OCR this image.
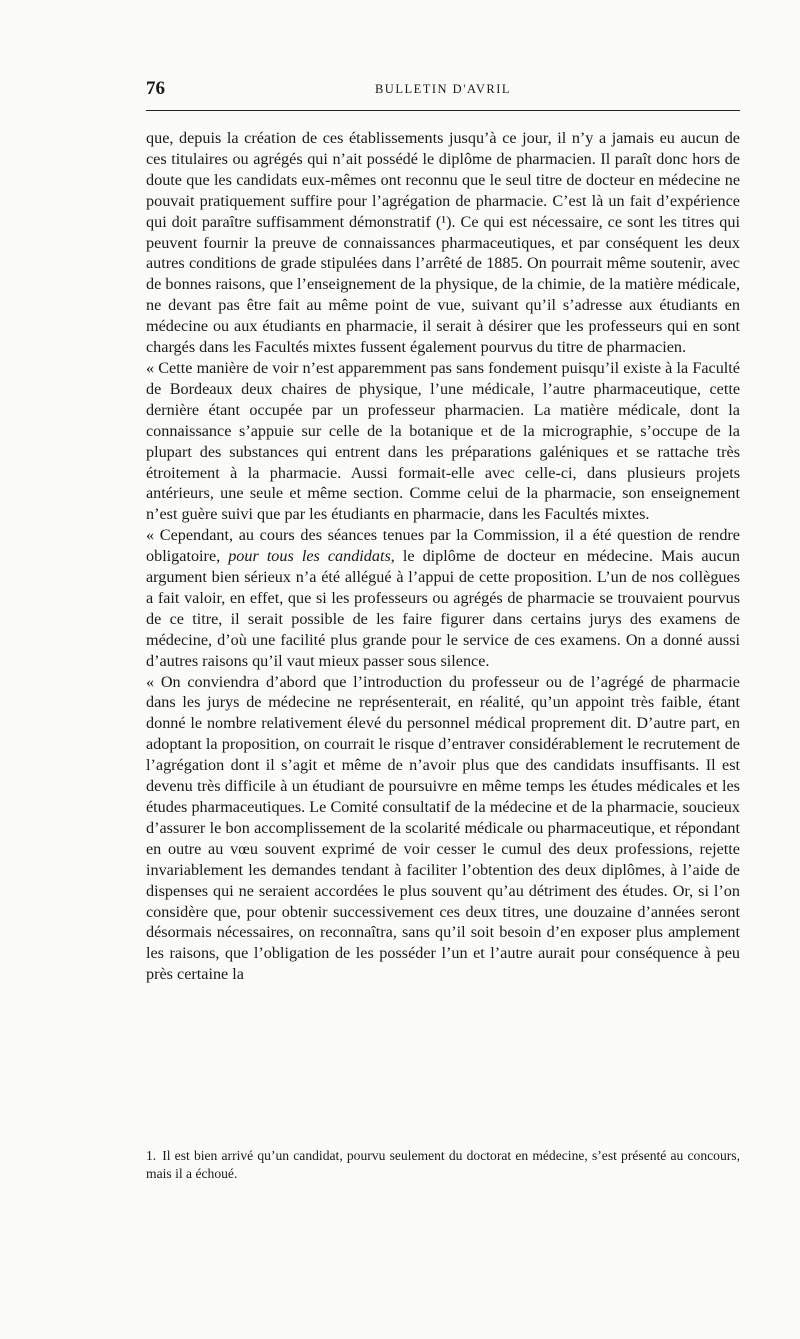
76	BULLETIN D'AVRIL

que, depuis la création de ces établissements jusqu’à ce jour, il n’y a jamais eu aucun de ces titulaires ou agrégés qui n’ait possédé le diplôme de pharmacien. Il paraît donc hors de doute que les candidats eux-mêmes ont reconnu que le seul titre de docteur en médecine ne pouvait pratiquement suffire pour l’agrégation de pharmacie. C’est là un fait d’expérience qui doit paraître suffisamment démonstratif (¹). Ce qui est nécessaire, ce sont les titres qui peuvent fournir la preuve de connaissances pharmaceutiques, et par conséquent les deux autres conditions de grade stipulées dans l’arrêté de 1885. On pourrait même soutenir, avec de bonnes raisons, que l’enseignement de la physique, de la chimie, de la matière médicale, ne devant pas être fait au même point de vue, suivant qu’il s’adresse aux étudiants en médecine ou aux étudiants en pharmacie, il serait à désirer que les professeurs qui en sont chargés dans les Facultés mixtes fussent également pourvus du titre de pharmacien.

« Cette manière de voir n’est apparemment pas sans fondement puisqu’il existe à la Faculté de Bordeaux deux chaires de physique, l’une médicale, l’autre pharmaceutique, cette dernière étant occupée par un professeur pharmacien. La matière médicale, dont la connaissance s’appuie sur celle de la botanique et de la micrographie, s’occupe de la plupart des substances qui entrent dans les préparations galéniques et se rattache très étroitement à la pharmacie. Aussi formait-elle avec celle-ci, dans plusieurs projets antérieurs, une seule et même section. Comme celui de la pharmacie, son enseignement n’est guère suivi que par les étudiants en pharmacie, dans les Facultés mixtes.

« Cependant, au cours des séances tenues par la Commission, il a été question de rendre obligatoire, pour tous les candidats, le diplôme de docteur en médecine. Mais aucun argument bien sérieux n’a été allégué à l’appui de cette proposition. L’un de nos collègues a fait valoir, en effet, que si les professeurs ou agrégés de pharmacie se trouvaient pourvus de ce titre, il serait possible de les faire figurer dans certains jurys des examens de médecine, d’où une facilité plus grande pour le service de ces examens. On a donné aussi d’autres raisons qu’il vaut mieux passer sous silence.

« On conviendra d’abord que l’introduction du professeur ou de l’agrégé de pharmacie dans les jurys de médecine ne représenterait, en réalité, qu’un appoint très faible, étant donné le nombre relativement élevé du personnel médical proprement dit. D’autre part, en adoptant la proposition, on courrait le risque d’entraver considérablement le recrutement de l’agrégation dont il s’agit et même de n’avoir plus que des candidats insuffisants. Il est devenu très difficile à un étudiant de poursuivre en même temps les études médicales et les études pharmaceutiques. Le Comité consultatif de la médecine et de la pharmacie, soucieux d’assurer le bon accomplissement de la scolarité médicale ou pharmaceutique, et répondant en outre au vœu souvent exprimé de voir cesser le cumul des deux professions, rejette invariablement les demandes tendant à faciliter l’obtention des deux diplômes, à l’aide de dispenses qui ne seraient accordées le plus souvent qu’au détriment des études. Or, si l’on considère que, pour obtenir successivement ces deux titres, une douzaine d’années seront désormais nécessaires, on reconnaîtra, sans qu’il soit besoin d’en exposer plus amplement les raisons, que l’obligation de les posséder l’un et l’autre aurait pour conséquence à peu près certaine la

1. Il est bien arrivé qu’un candidat, pourvu seulement du doctorat en médecine, s’est présenté au concours, mais il a échoué.
